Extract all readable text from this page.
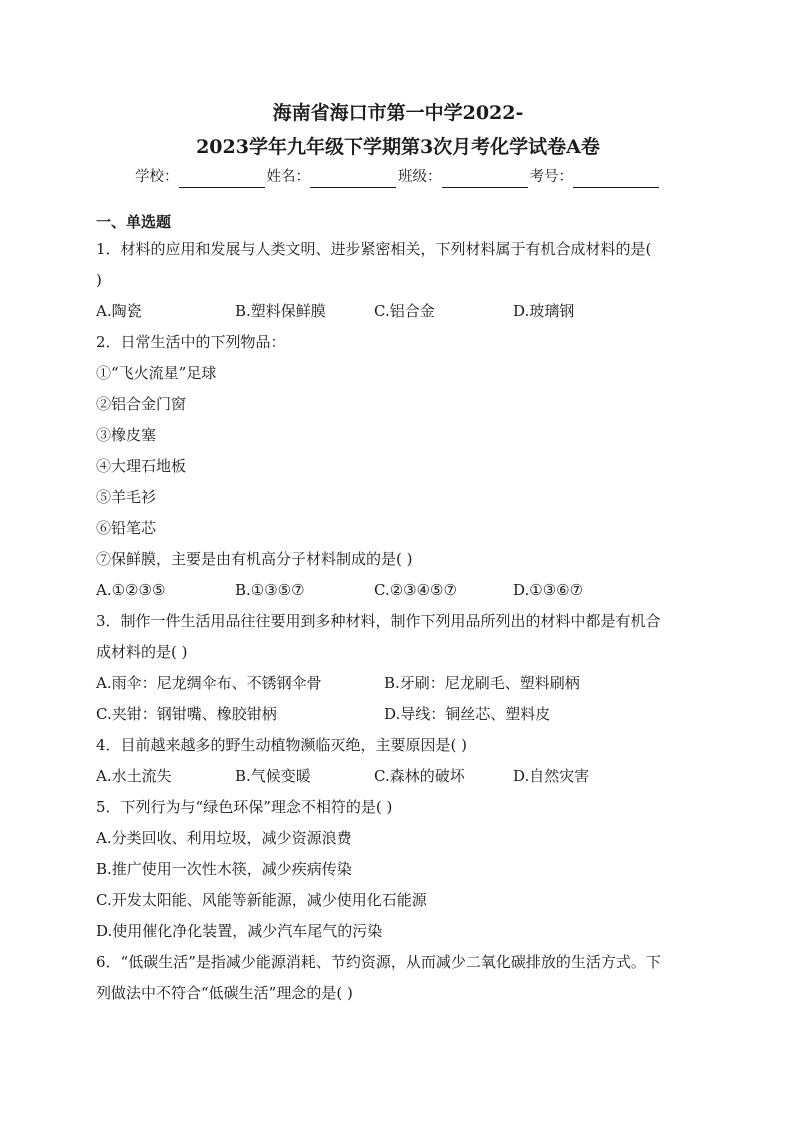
海南省海口市第一中学2022-
2023学年九年级下学期第3次月考化学试卷A卷
学校：	姓名：	班级：	考号：
一、单选题

1．材料的应用和发展与人类文明、进步紧密相关，下列材料属于有机合成材料的是(

)

A.陶瓷	B.塑料保鲜膜	C.铝合金	D.玻璃钢

2．日常生活中的下列物品：

①“飞火流星”足球
②铝合金门窗
③橡皮塞
④大理石地板
⑤羊毛衫
⑥铅笔芯
⑦保鲜膜，主要是由有机高分子材料制成的是( )
A.①②③⑤	B.①③⑤⑦	C.②③④⑤⑦	D.①③⑥⑦

3．制作一件生活用品往往要用到多种材料，制作下列用品所列出的材料中都是有机合

成材料的是( )

A.雨伞：尼龙绸伞布、不锈钢伞骨	B.牙刷：尼龙刷毛、塑料刷柄
C.夹钳：钢钳嘴、橡胶钳柄	D.导线：铜丝芯、塑料皮

4．目前越来越多的野生动植物濒临灭绝，主要原因是( )

A.水土流失	B.气候变暖	C.森林的破坏	D.自然灾害

5．下列行为与“绿色环保”理念不相符的是( )

A.分类回收、利用垃圾，减少资源浪费
B.推广使用一次性木筷，减少疾病传染
C.开发太阳能、风能等新能源，减少使用化石能源
D.使用催化净化装置，减少汽车尾气的污染

6．“低碳生活”是指减少能源消耗、节约资源，从而减少二氧化碳排放的生活方式。下

列做法中不符合“低碳生活”理念的是( )
